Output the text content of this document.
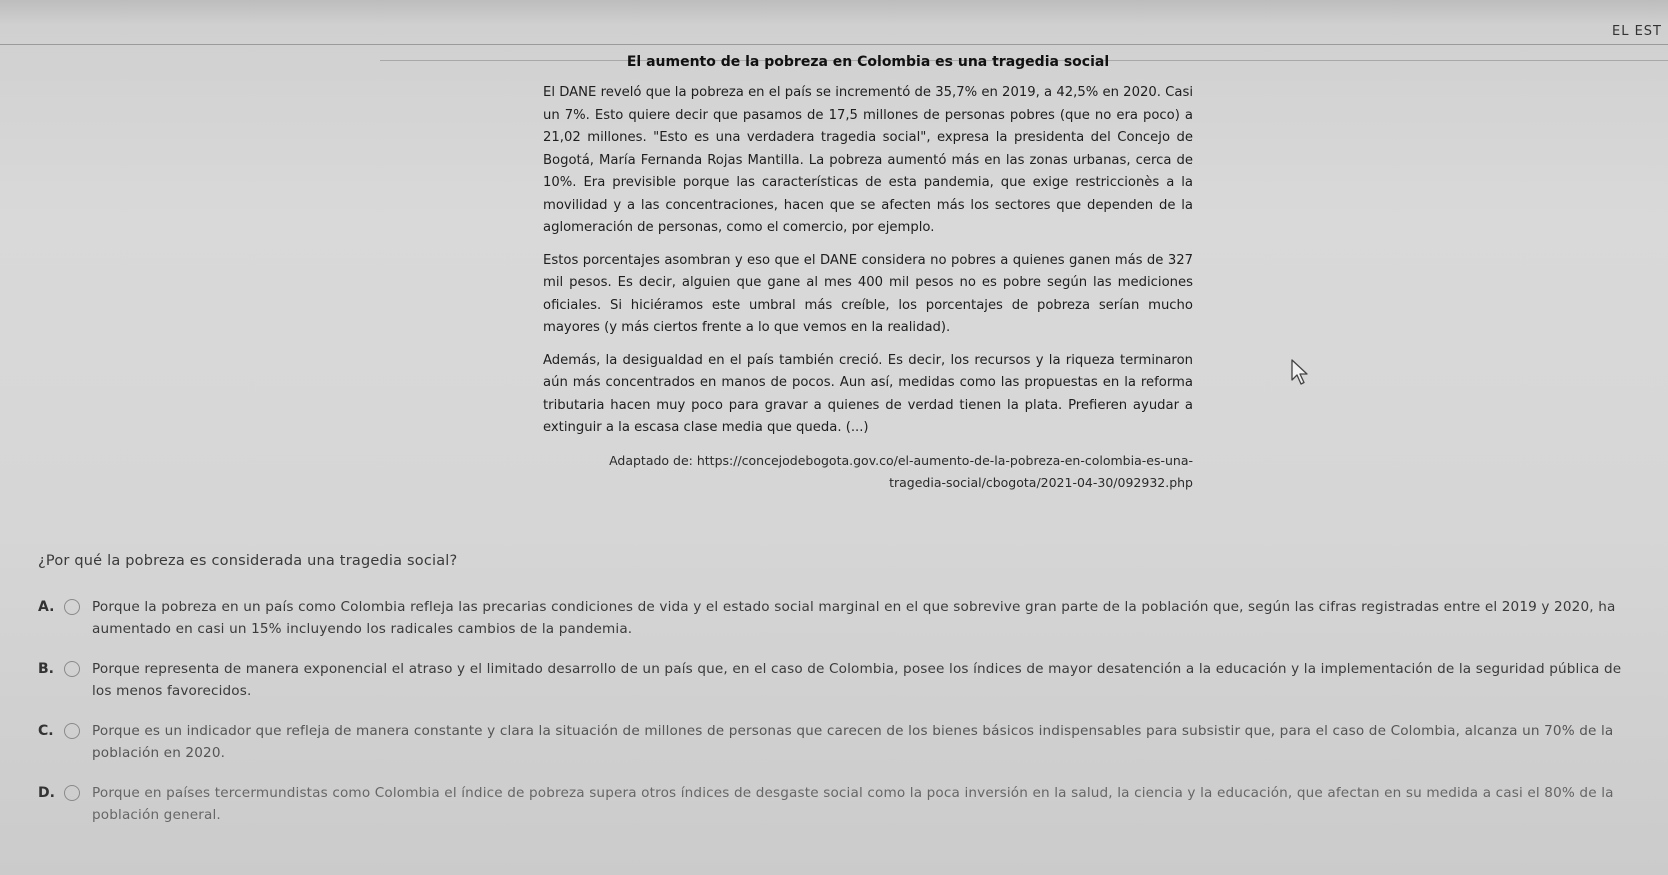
EL EST
El aumento de la pobreza en Colombia es una tragedia social

El DANE reveló que la pobreza en el país se incrementó de 35,7% en 2019, a 42,5% en 2020. Casi un 7%. Esto quiere decir que pasamos de 17,5 millones de personas pobres (que no era poco) a 21,02 millones. "Esto es una verdadera tragedia social", expresa la presidenta del Concejo de Bogotá, María Fernanda Rojas Mantilla. La pobreza aumentó más en las zonas urbanas, cerca de 10%. Era previsible porque las características de esta pandemia, que exige restriccionès a la movilidad y a las concentraciones, hacen que se afecten más los sectores que dependen de la aglomeración de personas, como el comercio, por ejemplo.

Estos porcentajes asombran y eso que el DANE considera no pobres a quienes ganen más de 327 mil pesos. Es decir, alguien que gane al mes 400 mil pesos no es pobre según las mediciones oficiales. Si hiciéramos este umbral más creíble, los porcentajes de pobreza serían mucho mayores (y más ciertos frente a lo que vemos en la realidad).

Además, la desigualdad en el país también creció. Es decir, los recursos y la riqueza terminaron aún más concentrados en manos de pocos. Aun así, medidas como las propuestas en la reforma tributaria hacen muy poco para gravar a quienes de verdad tienen la plata. Prefieren ayudar a extinguir a la escasa clase media que queda. (...)

Adaptado de: https://concejodebogota.gov.co/el-aumento-de-la-pobreza-en-colombia-es-una-
tragedia-social/cbogota/2021-04-30/092932.php
¿Por qué la pobreza es considerada una tragedia social?
A.	Porque la pobreza en un país como Colombia refleja las precarias condiciones de vida y el estado social marginal en el que sobrevive gran parte de la población que, según las cifras registradas entre el 2019 y 2020, ha aumentado en casi un 15% incluyendo los radicales cambios de la pandemia.
B.	Porque representa de manera exponencial el atraso y el limitado desarrollo de un país que, en el caso de Colombia, posee los índices de mayor desatención a la educación y la implementación de la seguridad pública de los menos favorecidos.
C.	Porque es un indicador que refleja de manera constante y clara la situación de millones de personas que carecen de los bienes básicos indispensables para subsistir que, para el caso de Colombia, alcanza un 70% de la población en 2020.
D.	Porque en países tercermundistas como Colombia el índice de pobreza supera otros índices de desgaste social como la poca inversión en la salud, la ciencia y la educación, que afectan en su medida a casi el 80% de la población general.
